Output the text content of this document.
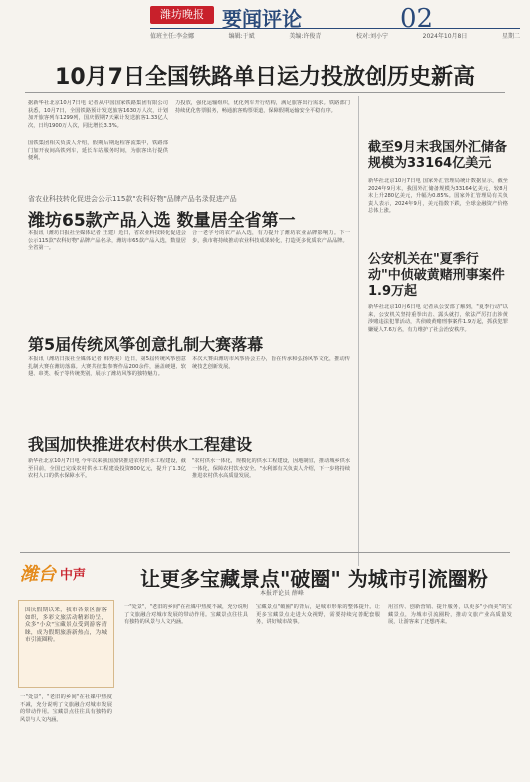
潍坊晚报 要闻评论	02
值班主任:李金娜	编辑:于斌	美编:许俊青	校对:刘小宁	2024年10月8日	星期二
10月7日全国铁路单日运力投放创历史新高
据新华社北京10月7日电 记者从中国国家铁路集团有限公司获悉，10月7日，全国铁路预计发送旅客1630万人次，计划加开旅客列车1299列，国庆假期7天累计发送旅客1.33亿人次，日均1900万人次，同比增长3.3%。
力投放，强化运输组织，优化列车开行结构，满足旅客出行需求。铁路部门持续优化售票服务，畅通旅客购票渠道，保障假期运输安全平稳有序。
国铁集团相关负责人介绍，假期后期返程客流集中，铁路部门加开夜间高铁列车，延长车站服务时间，为旅客出行提供便利。
截至9月末我国外汇储备规模为33164亿美元
新华社北京10月7日电 国家外汇管理局统计数据显示，截至2024年9月末，我国外汇储备规模为33164亿美元，较8月末上升280亿美元，升幅为0.85%。国家外汇管理局有关负责人表示，2024年9月，美元指数下跌，全球金融资产价格总体上涨。
省农业科技转化促进会公示115款"农科好物"品牌产品名录促进产品
潍坊65款产品入选 数量居全省第一
本报讯（潍坊日报社全媒体记者 王建）近日，省农业科技转化促进会公示115款"农科好物"品牌产品名录，潍坊市65款产品入选，数量居全省第一。
合一老字号的农产品入选，有力提升了潍坊农业品牌影响力。下一步，我市将持续推动农业科技成果转化，打造更多优质农产品品牌。
公安机关在"夏季行动"中侦破黄赌刑事案件1.9万起
新华社北京10月6日电 记者从公安部了解到，"夏季行动"以来，公安机关坚持重拳出击、露头就打，依法严厉打击涉黄涉赌违法犯罪活动，共侦破黄赌刑事案件1.9万起，抓获犯罪嫌疑人7.6万名，有力维护了社会治安秩序。
第5届传统风筝创意扎制大赛落幕
本报讯（潍坊日报社全媒体记者 韩秀美）近日，第5届传统风筝创意扎制大赛在潍坊落幕。大赛共征集参赛作品200余件，涵盖硬翅、软翅、串类、板子等传统类别，展示了潍坊风筝的独特魅力。
本次大赛由潍坊市风筝协会主办，旨在传承和弘扬风筝文化，推动传统技艺创新发展。
我国加快推进农村供水工程建设
新华社北京10月7日电 今年以来我国加快推进农村供水工程建设，截至目前，全国已完成农村供水工程建设投资800亿元，提升了1.3亿农村人口的供水保障水平。
"农村供水一体化，规模化的供水工程建设，因地制宜，推动城乡供水一体化，保障农村饮水安全。"水利部有关负责人介绍，下一步将持续推进农村供水高质量发展。
潍台 中声	让更多宝藏景点"破圈" 为城市引流圈粉
本报评论员 薛峰
国庆假期以来，我市各景区游客如织，多彩文旅活动精彩纷呈，众多"小众"宝藏景点受到游客青睐，成为假期旅游新热点，为城市引流圈粉。
一"处景"，"老旧的乡间"在社媒中热度不减，充分说明了文旅融合对城市发展的带动作用。宝藏景点往往具有独特的风景与人文内涵。
一"处景"，"老旧的乡间"在社媒中热度不减，充分说明了文旅融合对城市发展的带动作用。宝藏景点往往具有独特的风景与人文内涵。
宝藏景点"破圈"的背后，是城市形象的整体提升。让更多宝藏景点走进大众视野，需要持续完善配套服务，讲好城市故事。
用宣传、创新营销、提升服务，以更多"小而美"的宝藏景点，为城市引流圈粉，推动文旅产业高质量发展，让游客来了还想再来。
